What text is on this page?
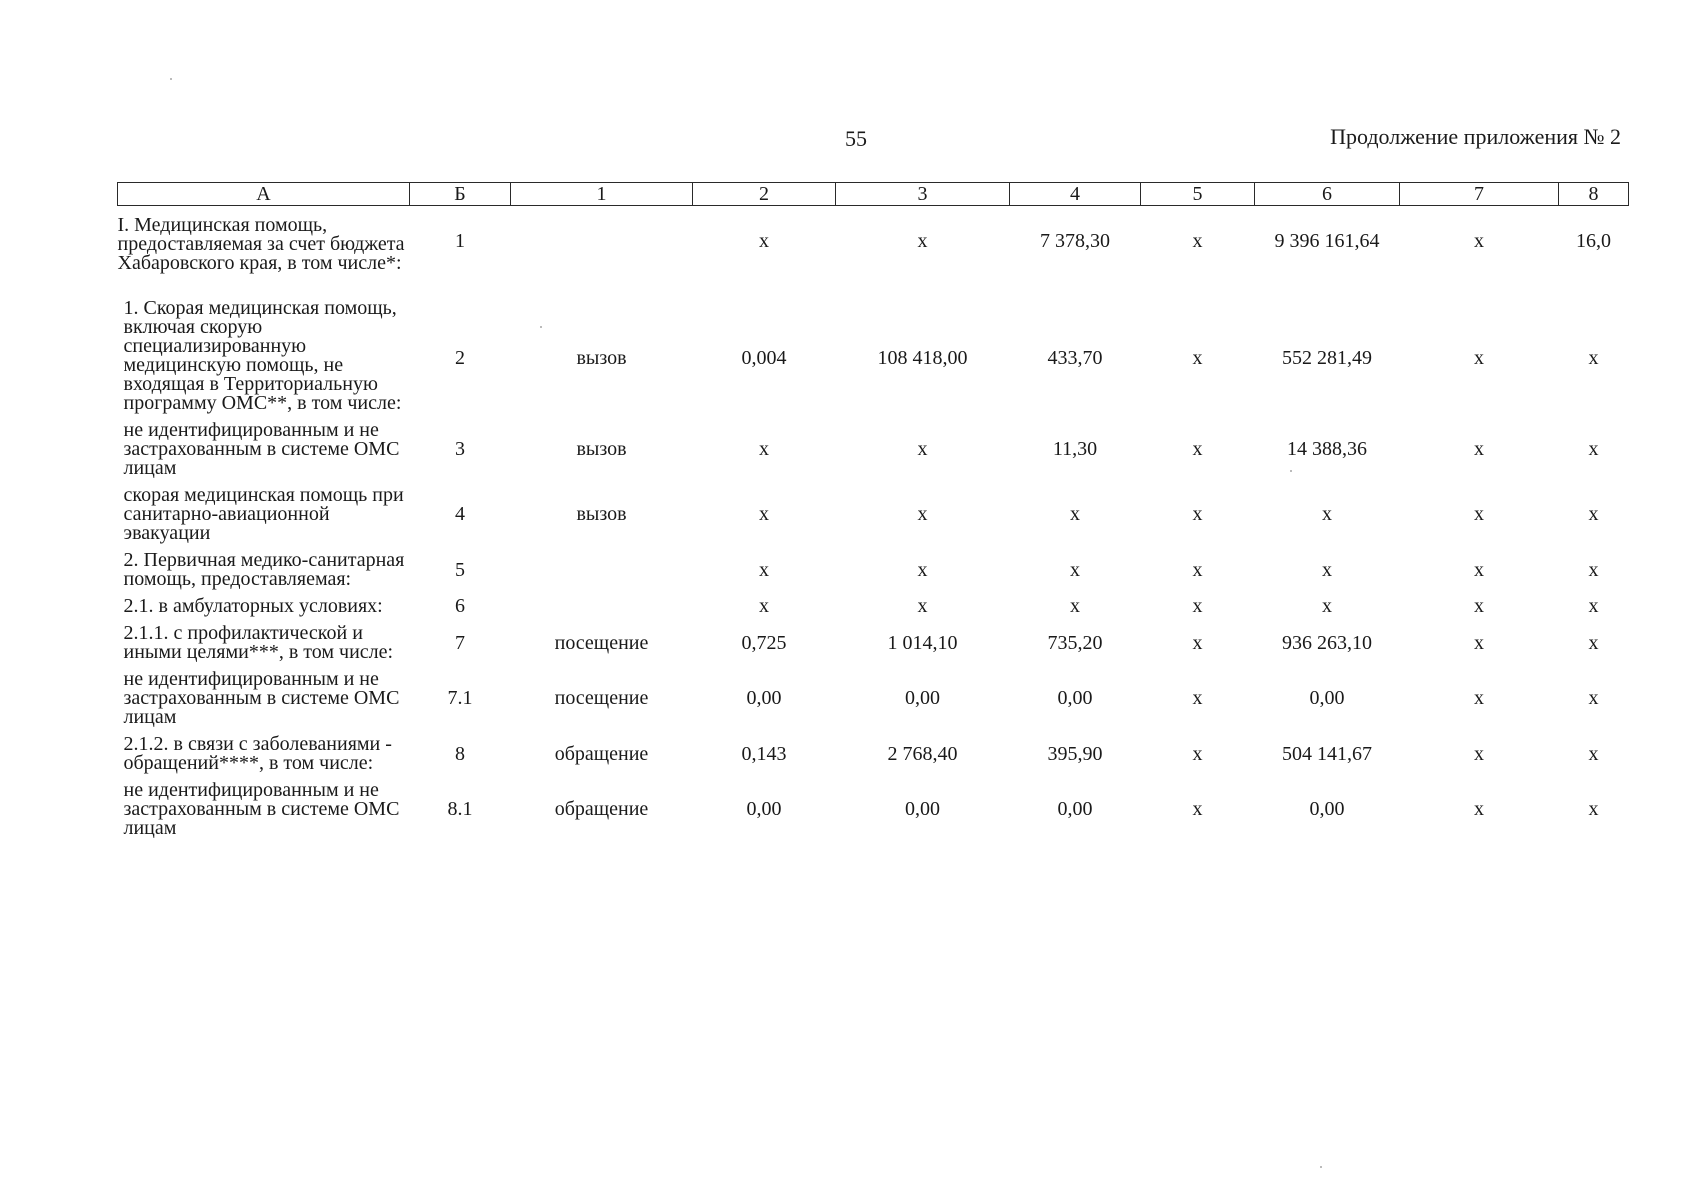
55	Продолжение приложения № 2
А	Б	1	2	3	4	5	6	7	8
I. Медицинская помощь, предоставляемая за счет бюджета Хабаровского края, в том числе*:	1		х	х	7 378,30	х	9 396 161,64	х	16,0
1. Скорая медицинская помощь, включая скорую специализированную медицинскую помощь, не входящая в Территориальную программу ОМС**, в том числе:	2	вызов	0,004	108 418,00	433,70	х	552 281,49	х	х
не идентифицированным и не застрахованным в системе ОМС лицам	3	вызов	х	х	11,30	х	14 388,36	х	х
скорая медицинская помощь при санитарно-авиационной эвакуации	4	вызов	х	х	х	х	х	х	х
2. Первичная медико-санитарная помощь, предоставляемая:	5		х	х	х	х	х	х	х
2.1. в амбулаторных условиях:	6		х	х	х	х	х	х	х
2.1.1. с профилактической и иными целями***, в том числе:	7	посещение	0,725	1 014,10	735,20	х	936 263,10	х	х
не идентифицированным и не застрахованным в системе ОМС лицам	7.1	посещение	0,00	0,00	0,00	х	0,00	х	х
2.1.2. в связи с заболеваниями - обращений****, в том числе:	8	обращение	0,143	2 768,40	395,90	х	504 141,67	х	х
не идентифицированным и не застрахованным в системе ОМС лицам	8.1	обращение	0,00	0,00	0,00	х	0,00	х	х
